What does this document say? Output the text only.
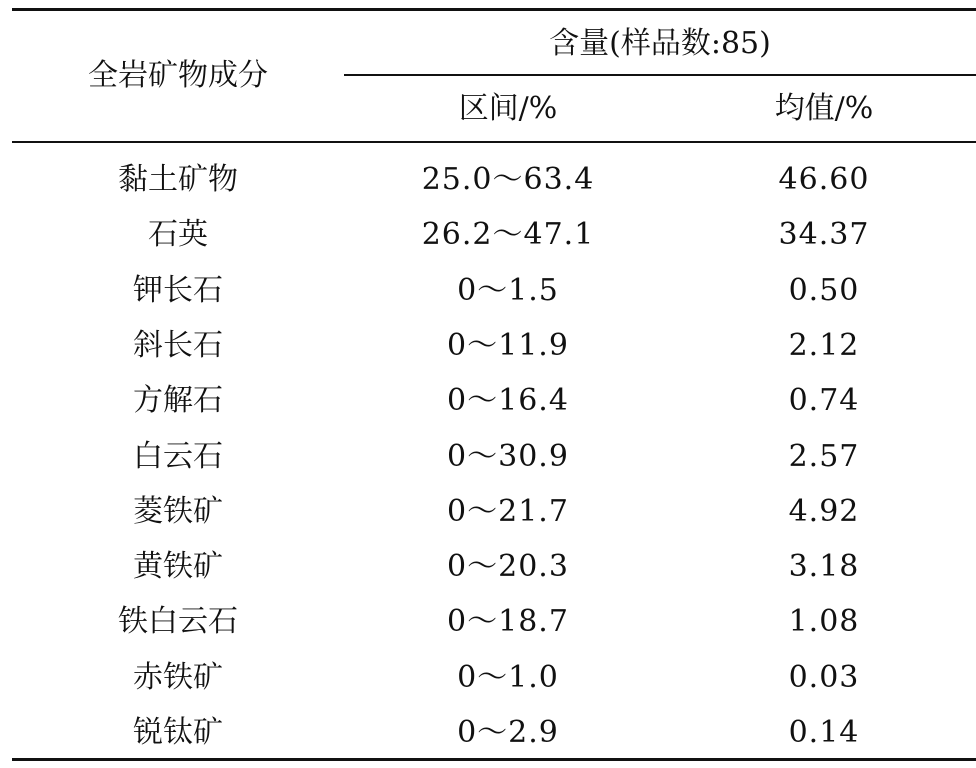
全岩矿物成分
含量(样品数:85)
区间/%	均值/%
黏土矿物	25.0～63.4	46.60
石英	26.2～47.1	34.37
钾长石	0～1.5	0.50
斜长石	0～11.9	2.12
方解石	0～16.4	0.74
白云石	0～30.9	2.57
菱铁矿	0～21.7	4.92
黄铁矿	0～20.3	3.18
铁白云石	0～18.7	1.08
赤铁矿	0～1.0	0.03
锐钛矿	0～2.9	0.14
